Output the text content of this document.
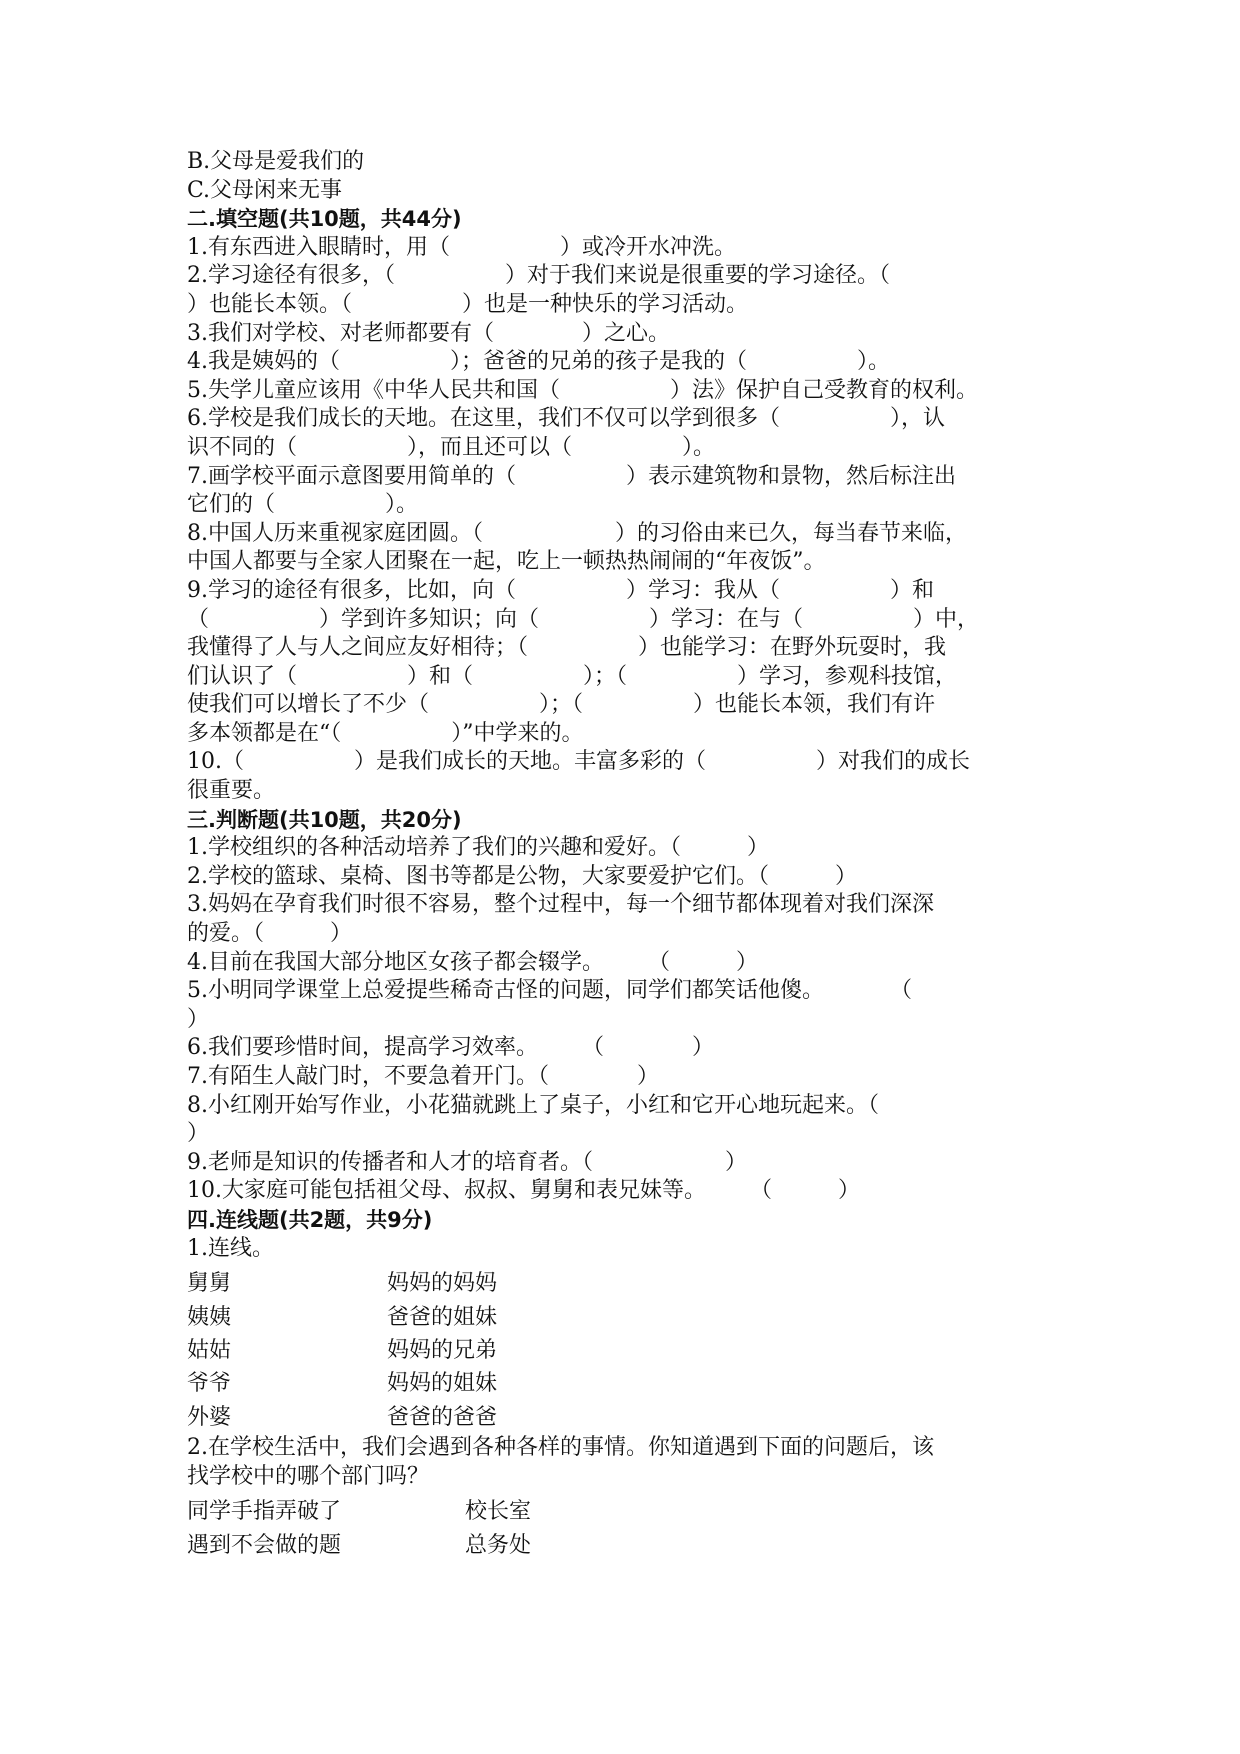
B.父母是爱我们的
C.父母闲来无事
二.填空题(共10题，共44分)
1.有东西进入眼睛时，用（　　　　　）或冷开水冲洗。
2.学习途径有很多，（　　　　　）对于我们来说是很重要的学习途径。（
）也能长本领。（　　　　　）也是一种快乐的学习活动。
3.我们对学校、对老师都要有（　　　　）之心。
4.我是姨妈的（　　　　　）；爸爸的兄弟的孩子是我的（　　　　　）。
5.失学儿童应该用《中华人民共和国（　　　　　）法》保护自己受教育的权利。
6.学校是我们成长的天地。在这里，我们不仅可以学到很多（　　　　　），认
识不同的（　　　　　），而且还可以（　　　　　）。
7.画学校平面示意图要用简单的（　　　　　）表示建筑物和景物，然后标注出
它们的（　　　　　）。
8.中国人历来重视家庭团圆。（　　　　　　）的习俗由来已久，每当春节来临，
中国人都要与全家人团聚在一起，吃上一顿热热闹闹的“年夜饭”。
9.学习的途径有很多，比如，向（　　　　　）学习：我从（　　　　　）和
（　　　　　）学到许多知识；向（　　　　　）学习：在与（　　　　　）中，
我懂得了人与人之间应友好相待；（　　　　　）也能学习：在野外玩耍时，我
们认识了（　　　　　）和（　　　　　）；（　　　　　）学习，参观科技馆，
使我们可以增长了不少（　　　　　）；（　　　　　）也能长本领，我们有许
多本领都是在“（　　　　　）”中学来的。
10.（　　　　　）是我们成长的天地。丰富多彩的（　　　　　）对我们的成长
很重要。
三.判断题(共10题，共20分)
1.学校组织的各种活动培养了我们的兴趣和爱好。（　　　）
2.学校的篮球、桌椅、图书等都是公物，大家要爱护它们。（　　　）
3.妈妈在孕育我们时很不容易，整个过程中，每一个细节都体现着对我们深深
的爱。（　　　）
4.目前在我国大部分地区女孩子都会辍学。　　　（　　　）
5.小明同学课堂上总爱提些稀奇古怪的问题，同学们都笑话他傻。　　　　（
）
6.我们要珍惜时间，提高学习效率。　　　（　　　　）
7.有陌生人敲门时，不要急着开门。（　　　　）
8.小红刚开始写作业，小花猫就跳上了桌子，小红和它开心地玩起来。（
）
9.老师是知识的传播者和人才的培育者。（　　　　　　）
10.大家庭可能包括祖父母、叔叔、舅舅和表兄妹等。　　　（　　　）
四.连线题(共2题，共9分)
1.连线。
舅舅	妈妈的妈妈
姨姨	爸爸的姐妹
姑姑	妈妈的兄弟
爷爷	妈妈的姐妹
外婆	爸爸的爸爸
2.在学校生活中，我们会遇到各种各样的事情。你知道遇到下面的问题后，该
找学校中的哪个部门吗？
同学手指弄破了	校长室
遇到不会做的题	总务处
